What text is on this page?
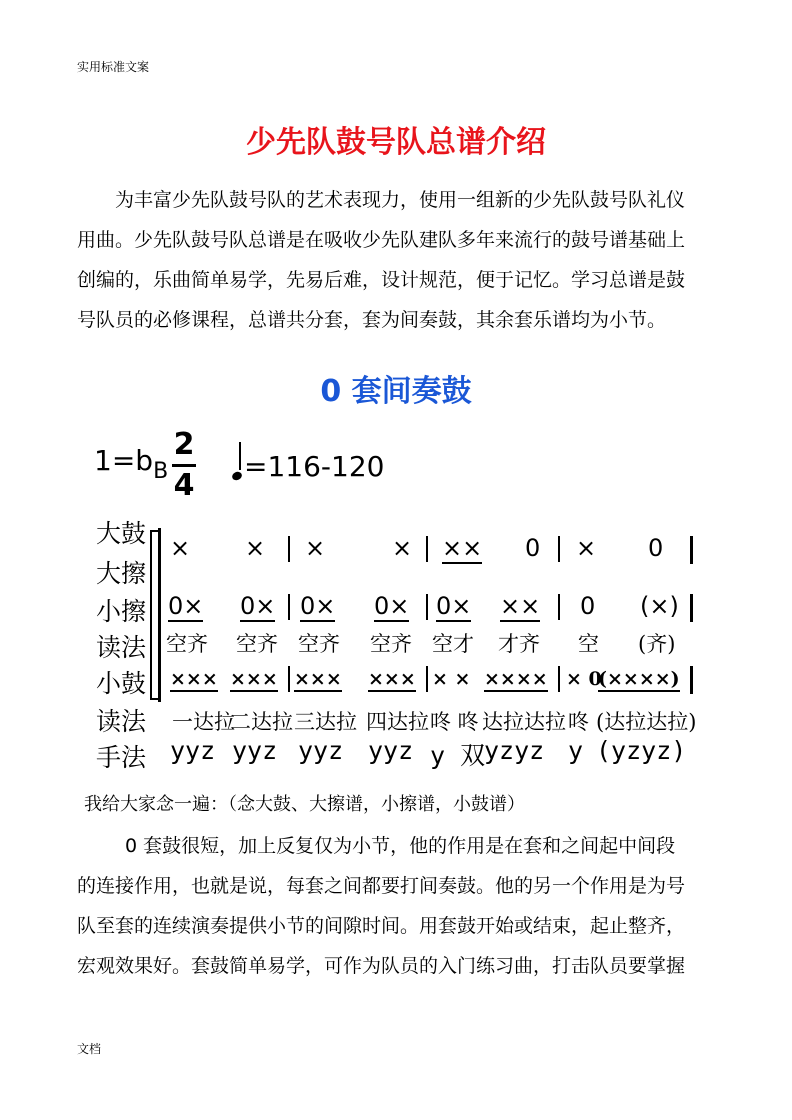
实用标准文案
少先队鼓号队总谱介绍
为丰富少先队鼓号队的艺术表现力，使用一组新的少先队鼓号队礼仪
用曲。少先队鼓号队总谱是在吸收少先队建队多年来流行的鼓号谱基础上
创编的，乐曲简单易学，先易后难，设计规范，便于记忆。学习总谱是鼓
号队员的必修课程，总谱共分套，套为间奏鼓，其余套乐谱均为小节。
0 套间奏鼓
$1=b_B$
2
4
=116-120
大鼓
大擦
小擦
读法
小鼓
读法
手法
× × ×	× ×× 0 × 0
0× 0× 0× 0× 0× ×× 0 (×)
空齐 空齐 空齐 空齐 空才 才齐 空 (齐)
××× ××× ××× ××× × × ×××× × 0
(××××)
一达拉
二达拉 三达拉 四达拉 咚 咚 达拉达拉 咚 (达拉达拉)
yyz yyz yyz yyz y 双
yzyz y (yzyz)
我给大家念一遍：（念大鼓、大擦谱，小擦谱，小鼓谱）
0 套鼓很短，加上反复仅为小节，他的作用是在套和之间起中间段
的连接作用，也就是说，每套之间都要打间奏鼓。他的另一个作用是为号
队至套的连续演奏提供小节的间隙时间。用套鼓开始或结束，起止整齐，
宏观效果好。套鼓简单易学，可作为队员的入门练习曲，打击队员要掌握
文档
